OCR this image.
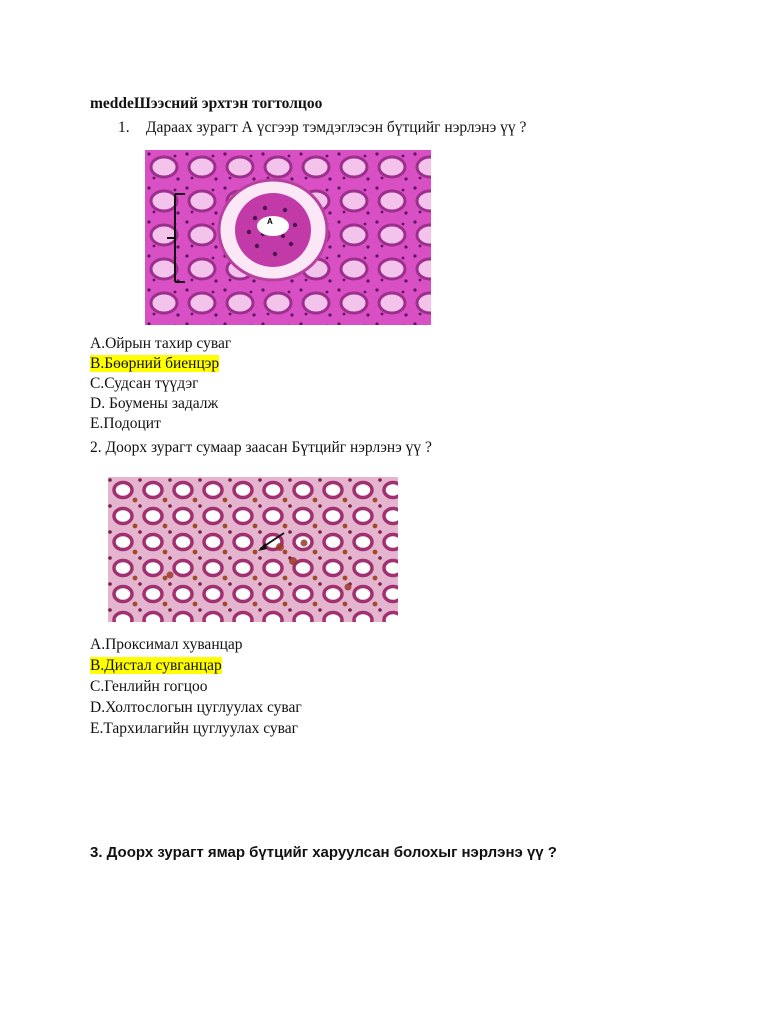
meddeШээсний эрхтэн тогтолцоо
1. Дараах зурагт А үсгээр тэмдэглэсэн бүтцийг нэрлэнэ үү ?
A
A.Ойрын тахир суваг
B.Бөөрний биенцэр
C.Судсан түүдэг
D. Боумены задалж
E.Подоцит
2. Доорх зурагт сумаар заасан Бүтцийг нэрлэнэ үү ?
A.Проксимал хуванцар
B.Дистал сувганцар
C.Генлийн гогцоо
D.Холтослогын цуглуулах суваг
E.Тархилагийн цуглуулах суваг
3. Доорх зурагт ямар бүтцийг харуулсан болохыг нэрлэнэ үү ?
